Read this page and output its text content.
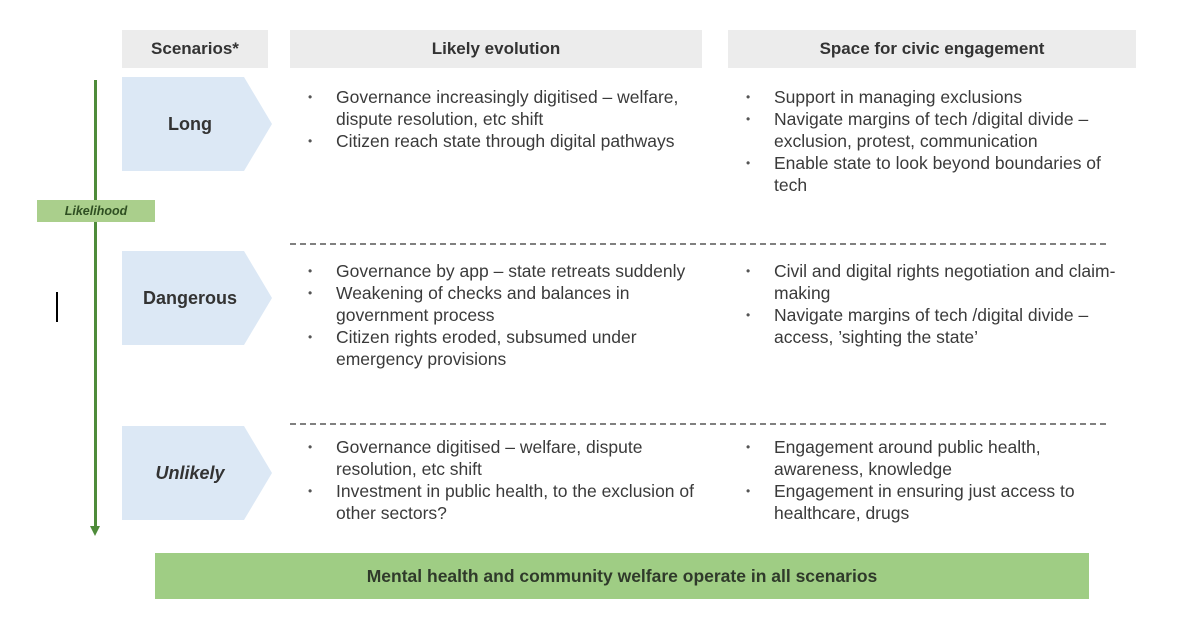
Scenarios*	Likely evolution	Space for civic engagement
Likelihood
Long
• Governance increasingly digitised – welfare, dispute resolution, etc shift
• Citizen reach state through digital pathways
• Support in managing exclusions
• Navigate margins of tech /digital divide – exclusion, protest, communication
• Enable state to look beyond boundaries of tech
Dangerous
• Governance by app – state retreats suddenly
• Weakening of checks and balances in government process
• Citizen rights eroded, subsumed under emergency provisions
• Civil and digital rights negotiation and claim-making
• Navigate margins of tech /digital divide – access, ’sighting the state’
Unlikely
• Governance digitised – welfare, dispute resolution, etc shift
• Investment in public health, to the exclusion of other sectors?
• Engagement around public health, awareness, knowledge
• Engagement in ensuring just access to healthcare, drugs
Mental health and community welfare operate in all scenarios
